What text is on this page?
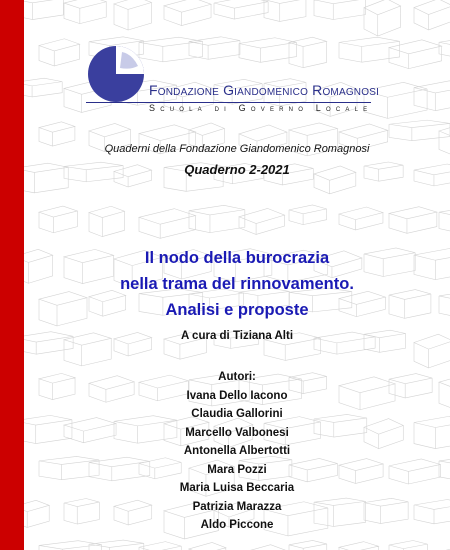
Fondazione Giandomenico Romagnosi
Scuola di Governo Locale
Quaderni della Fondazione Giandomenico Romagnosi
Quaderno 2-2021
Il nodo della burocrazia
nella trama del rinnovamento.
Analisi e proposte
A cura di Tiziana Alti
Autori:
Ivana Dello Iacono
Claudia Gallorini
Marcello Valbonesi
Antonella Albertotti
Mara Pozzi
Maria Luisa Beccaria
Patrizia Marazza
Aldo Piccone
